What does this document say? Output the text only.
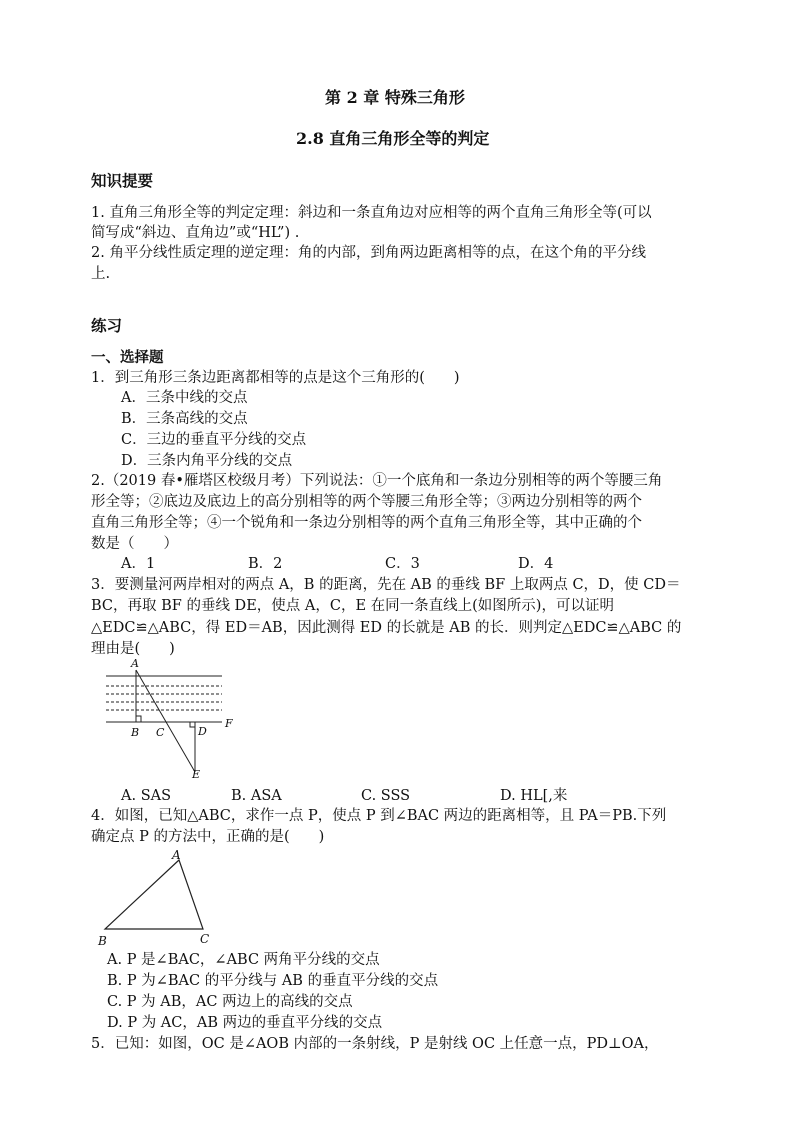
第 2 章 特殊三角形
2.8 直角三角形全等的判定
知识提要
1. 直角三角形全等的判定定理：斜边和一条直角边对应相等的两个直角三角形全等(可以
简写成“斜边、直角边”或“HL”) .
2. 角平分线性质定理的逆定理：角的内部，到角两边距离相等的点，在这个角的平分线
上.
练习
一、选择题
1．到三角形三条边距离都相等的点是这个三角形的(　　)
A．三条中线的交点
B．三条高线的交点
C．三边的垂直平分线的交点
D．三条内角平分线的交点
2.（2019 春•雁塔区校级月考）下列说法：①一个底角和一条边分别相等的两个等腰三角
形全等；②底边及底边上的高分别相等的两个等腰三角形全等；③两边分别相等的两个
直角三角形全等；④一个锐角和一条边分别相等的两个直角三角形全等，其中正确的个
数是（　　）
A．1	B．2	C．3	D．4
3．要测量河两岸相对的两点 A，B 的距离，先在 AB 的垂线 BF 上取两点 C，D，使 CD＝
BC，再取 BF 的垂线 DE，使点 A，C，E 在同一条直线上(如图所示)，可以证明
△EDC≌△ABC，得 ED＝AB，因此测得 ED 的长就是 AB 的长．则判定△EDC≌△ABC 的
理由是(　　)
A
B C	D
E
F
A. SAS	B. ASA	C. SSS	D. HL[,来
4．如图，已知△ABC，求作一点 P，使点 P 到∠BAC 两边的距离相等，且 PA＝PB.下列
确定点 P 的方法中，正确的是(　　)
A
B	C
A. P 是∠BAC，∠ABC 两角平分线的交点
B. P 为∠BAC 的平分线与 AB 的垂直平分线的交点
C. P 为 AB，AC 两边上的高线的交点
D. P 为 AC，AB 两边的垂直平分线的交点
5．已知：如图，OC 是∠AOB 内部的一条射线，P 是射线 OC 上任意一点，PD⊥OA，
